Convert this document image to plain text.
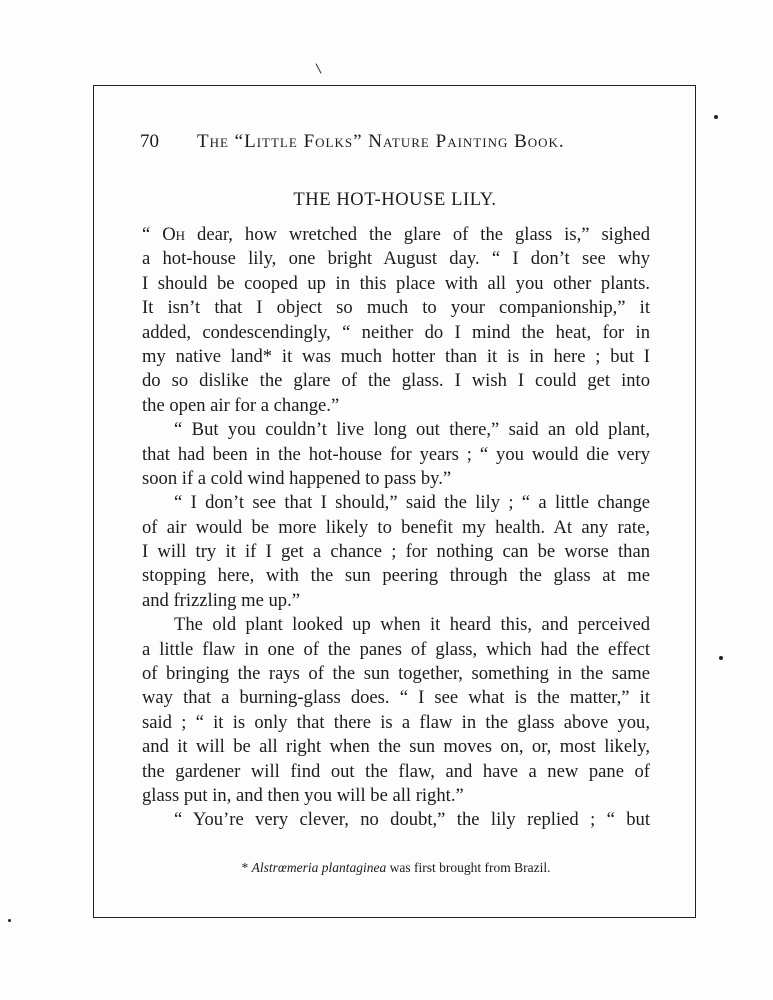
70 The “Little Folks” Nature Painting Book.
THE HOT-HOUSE LILY.
“ Oh dear, how wretched the glare of the glass is,” sighed
a hot-house lily, one bright August day. “ I don’t see why
I should be cooped up in this place with all you other plants.
It isn’t that I object so much to your companionship,” it
added, condescendingly, “ neither do I mind the heat, for in
my native land* it was much hotter than it is in here ; but I
do so dislike the glare of the glass. I wish I could get into
the open air for a change.”
“ But you couldn’t live long out there,” said an old plant,
that had been in the hot-house for years ; “ you would die very
soon if a cold wind happened to pass by.”
“ I don’t see that I should,” said the lily ; “ a little change
of air would be more likely to benefit my health. At any rate,
I will try it if I get a chance ; for nothing can be worse than
stopping here, with the sun peering through the glass at me
and frizzling me up.”
The old plant looked up when it heard this, and perceived
a little flaw in one of the panes of glass, which had the effect
of bringing the rays of the sun together, something in the same
way that a burning-glass does. “ I see what is the matter,” it
said ; “ it is only that there is a flaw in the glass above you,
and it will be all right when the sun moves on, or, most likely,
the gardener will find out the flaw, and have a new pane of
glass put in, and then you will be all right.”
“ You’re very clever, no doubt,” the lily replied ; “ but
* Alstrœmeria plantaginea was first brought from Brazil.
